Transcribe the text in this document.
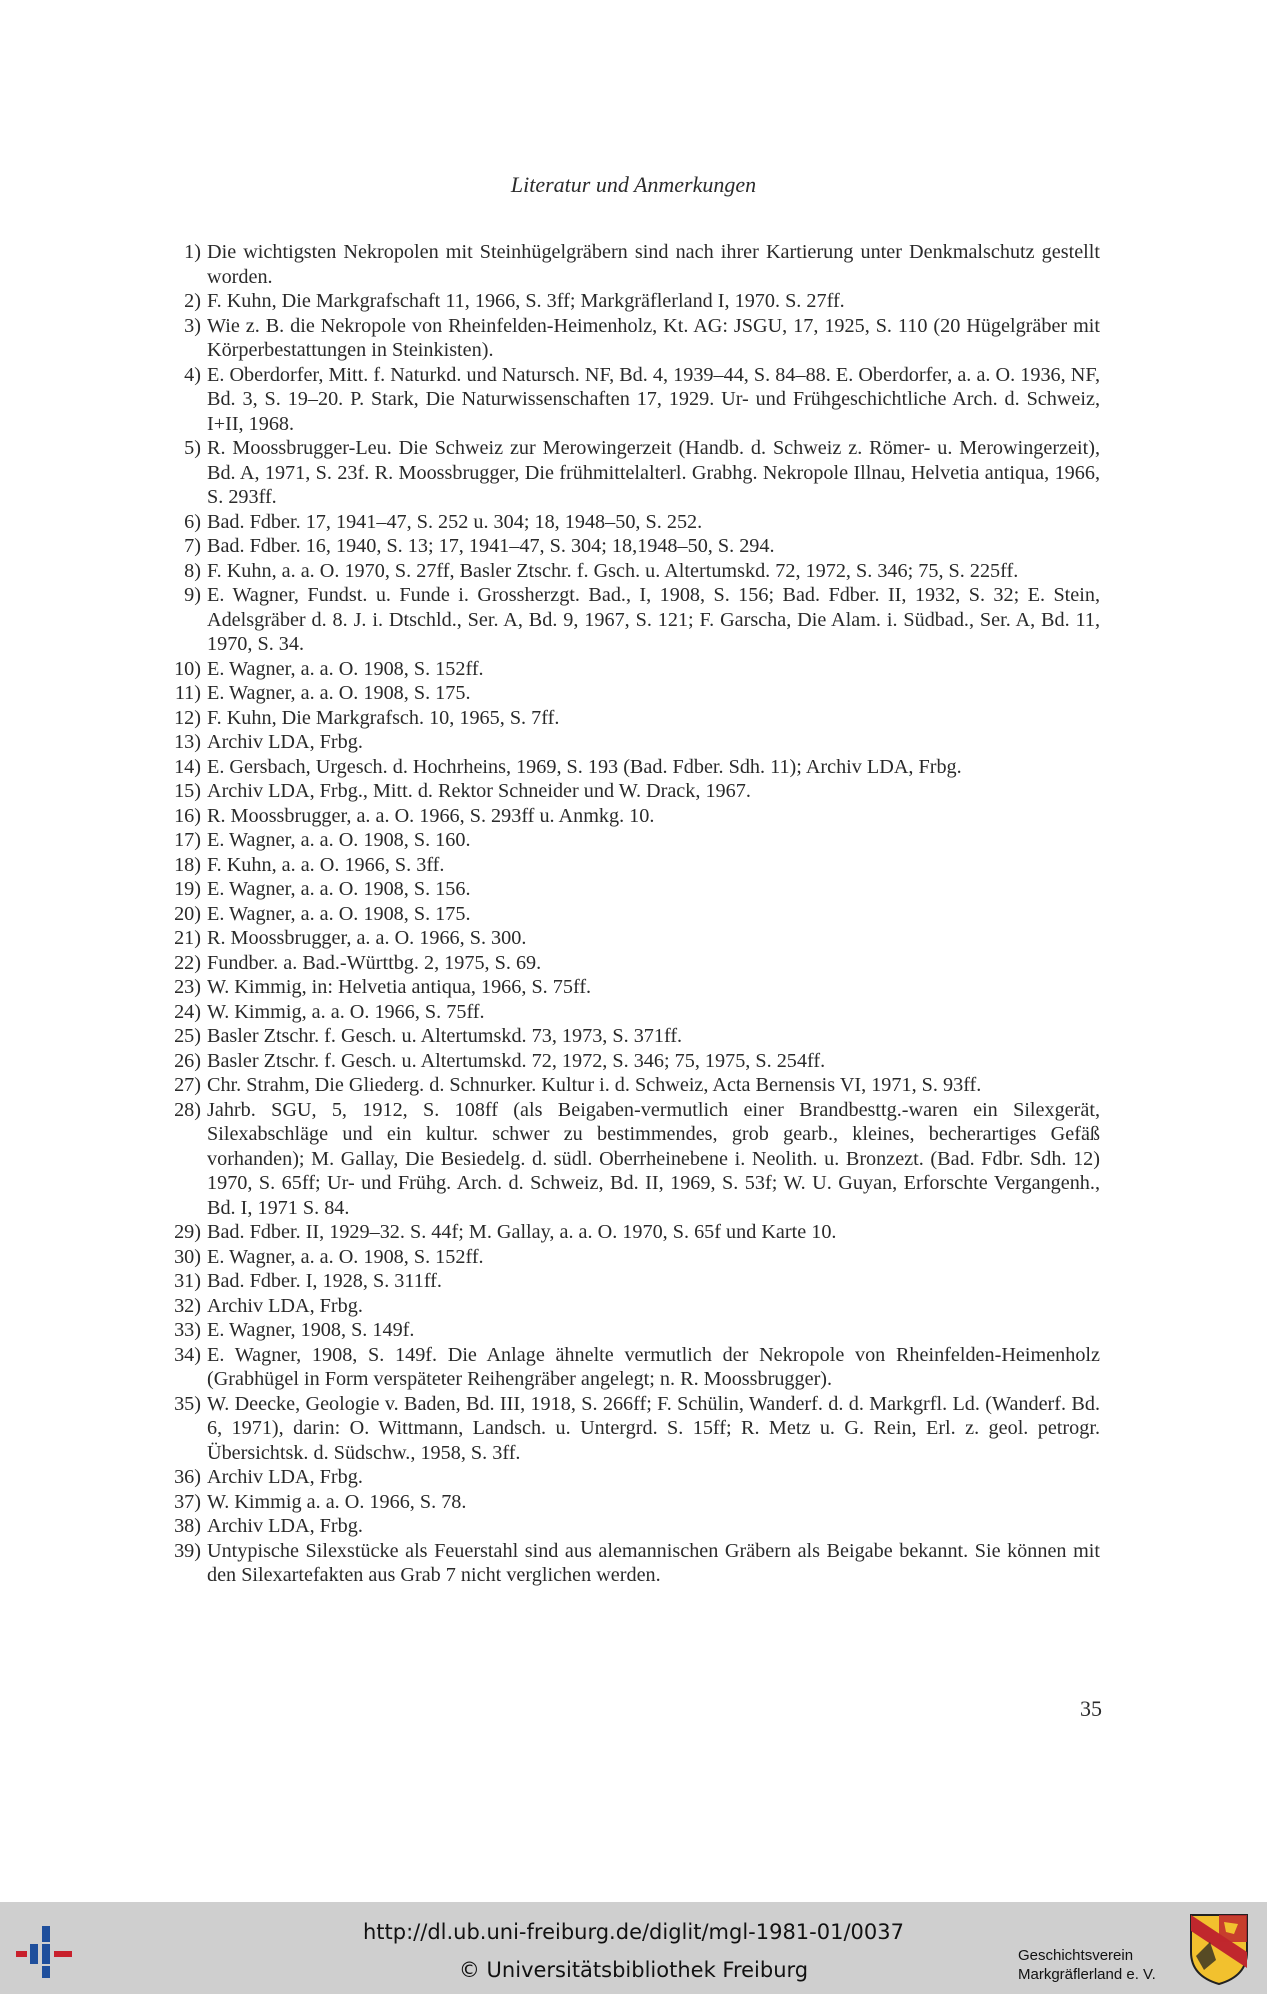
Literatur und Anmerkungen
1) Die wichtigsten Nekropolen mit Steinhügelgräbern sind nach ihrer Kartierung unter Denkmalschutz gestellt worden.
2) F. Kuhn, Die Markgrafschaft 11, 1966, S. 3ff; Markgräflerland I, 1970. S. 27ff.
3) Wie z. B. die Nekropole von Rheinfelden-Heimenholz, Kt. AG: JSGU, 17, 1925, S. 110 (20 Hügelgräber mit Körperbestattungen in Steinkisten).
4) E. Oberdorfer, Mitt. f. Naturkd. und Natursch. NF, Bd. 4, 1939–44, S. 84–88. E. Oberdorfer, a. a. O. 1936, NF, Bd. 3, S. 19–20. P. Stark, Die Naturwissenschaften 17, 1929. Ur- und Frühgeschichtliche Arch. d. Schweiz, I+II, 1968.
5) R. Moossbrugger-Leu. Die Schweiz zur Merowingerzeit (Handb. d. Schweiz z. Römer- u. Merowingerzeit), Bd. A, 1971, S. 23f. R. Moossbrugger, Die frühmittelalterl. Grabhg. Nekropole Illnau, Helvetia antiqua, 1966, S. 293ff.
6) Bad. Fdber. 17, 1941–47, S. 252 u. 304; 18, 1948–50, S. 252.
7) Bad. Fdber. 16, 1940, S. 13; 17, 1941–47, S. 304; 18,1948–50, S. 294.
8) F. Kuhn, a. a. O. 1970, S. 27ff, Basler Ztschr. f. Gsch. u. Altertumskd. 72, 1972, S. 346; 75, S. 225ff.
9) E. Wagner, Fundst. u. Funde i. Grossherzgt. Bad., I, 1908, S. 156; Bad. Fdber. II, 1932, S. 32; E. Stein, Adelsgräber d. 8. J. i. Dtschld., Ser. A, Bd. 9, 1967, S. 121; F. Garscha, Die Alam. i. Südbad., Ser. A, Bd. 11, 1970, S. 34.
10) E. Wagner, a. a. O. 1908, S. 152ff.
11) E. Wagner, a. a. O. 1908, S. 175.
12) F. Kuhn, Die Markgrafsch. 10, 1965, S. 7ff.
13) Archiv LDA, Frbg.
14) E. Gersbach, Urgesch. d. Hochrheins, 1969, S. 193 (Bad. Fdber. Sdh. 11); Archiv LDA, Frbg.
15) Archiv LDA, Frbg., Mitt. d. Rektor Schneider und W. Drack, 1967.
16) R. Moossbrugger, a. a. O. 1966, S. 293ff u. Anmkg. 10.
17) E. Wagner, a. a. O. 1908, S. 160.
18) F. Kuhn, a. a. O. 1966, S. 3ff.
19) E. Wagner, a. a. O. 1908, S. 156.
20) E. Wagner, a. a. O. 1908, S. 175.
21) R. Moossbrugger, a. a. O. 1966, S. 300.
22) Fundber. a. Bad.-Württbg. 2, 1975, S. 69.
23) W. Kimmig, in: Helvetia antiqua, 1966, S. 75ff.
24) W. Kimmig, a. a. O. 1966, S. 75ff.
25) Basler Ztschr. f. Gesch. u. Altertumskd. 73, 1973, S. 371ff.
26) Basler Ztschr. f. Gesch. u. Altertumskd. 72, 1972, S. 346; 75, 1975, S. 254ff.
27) Chr. Strahm, Die Gliederg. d. Schnurker. Kultur i. d. Schweiz, Acta Bernensis VI, 1971, S. 93ff.
28) Jahrb. SGU, 5, 1912, S. 108ff (als Beigaben-vermutlich einer Brandbesttg.-waren ein Silexgerät, Silexabschläge und ein kultur. schwer zu bestimmendes, grob gearb., kleines, becherartiges Gefäß vorhanden); M. Gallay, Die Besiedelg. d. südl. Oberrheinebene i. Neolith. u. Bronzezt. (Bad. Fdbr. Sdh. 12) 1970, S. 65ff; Ur- und Frühg. Arch. d. Schweiz, Bd. II, 1969, S. 53f; W. U. Guyan, Erforschte Vergangenh., Bd. I, 1971 S. 84.
29) Bad. Fdber. II, 1929–32. S. 44f; M. Gallay, a. a. O. 1970, S. 65f und Karte 10.
30) E. Wagner, a. a. O. 1908, S. 152ff.
31) Bad. Fdber. I, 1928, S. 311ff.
32) Archiv LDA, Frbg.
33) E. Wagner, 1908, S. 149f.
34) E. Wagner, 1908, S. 149f. Die Anlage ähnelte vermutlich der Nekropole von Rheinfelden-Heimenholz (Grabhügel in Form verspäteter Reihengräber angelegt; n. R. Moossbrugger).
35) W. Deecke, Geologie v. Baden, Bd. III, 1918, S. 266ff; F. Schülin, Wanderf. d. d. Markgrfl. Ld. (Wanderf. Bd. 6, 1971), darin: O. Wittmann, Landsch. u. Untergrd. S. 15ff; R. Metz u. G. Rein, Erl. z. geol. petrogr. Übersichtsk. d. Südschw., 1958, S. 3ff.
36) Archiv LDA, Frbg.
37) W. Kimmig a. a. O. 1966, S. 78.
38) Archiv LDA, Frbg.
39) Untypische Silexstücke als Feuerstahl sind aus alemannischen Gräbern als Beigabe bekannt. Sie können mit den Silexartefakten aus Grab 7 nicht verglichen werden.
35
http://dl.ub.uni-freiburg.de/diglit/mgl-1981-01/0037
© Universitätsbibliothek Freiburg
Geschichtsverein
Markgräflerland e. V.
